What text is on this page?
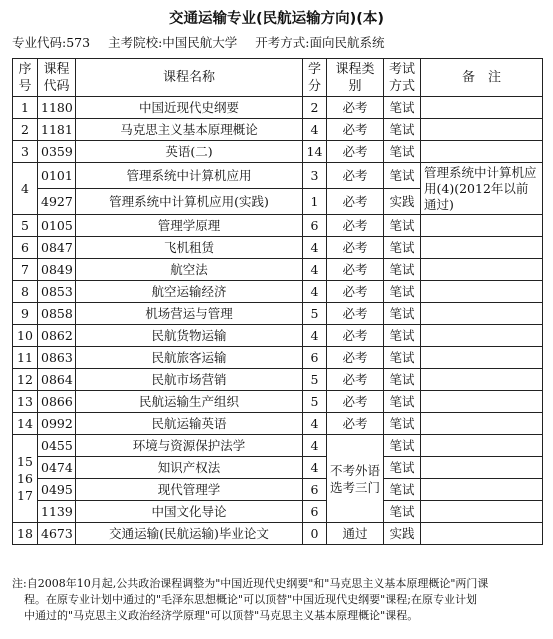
交通运输专业(民航运输方向)(本)
专业代码:573 主考院校:中国民航大学 开考方式:面向民航系统
序号	课程代码	课程名称	学分	课程类别	考试方式	备　注
1	1180	中国近现代史纲要	2	必考	笔试	
2	1181	马克思主义基本原理概论	4	必考	笔试	
3	0359	英语(二)	14	必考	笔试	
4	0101	管理系统中计算机应用	3	必考	笔试	管理系统中计算机应用(4)(2012年以前通过)
	4927	管理系统中计算机应用(实践)	1	必考	实践	
5	0105	管理学原理	6	必考	笔试	
6	0847	飞机租赁	4	必考	笔试	
7	0849	航空法	4	必考	笔试	
8	0853	航空运输经济	4	必考	笔试	
9	0858	机场营运与管理	5	必考	笔试	
10	0862	民航货物运输	4	必考	笔试	
11	0863	民航旅客运输	6	必考	笔试	
12	0864	民航市场营销	5	必考	笔试	
13	0866	民航运输生产组织	5	必考	笔试	
14	0992	民航运输英语	4	必考	笔试	
15 16 17	0455	环境与资源保护法学	4	不考外语选考三门	笔试	
	0474	知识产权法	4		笔试	
	0495	现代管理学	6		笔试	
	1139	中国文化导论	6		笔试	
18	4673	交通运输(民航运输)毕业论文	0	通过	实践	
注:自2008年10月起,公共政治课程调整为"中国近现代史纲要"和"马克思主义基本原理概论"两门课
程。在原专业计划中通过的"毛泽东思想概论"可以顶替"中国近现代史纲要"课程;在原专业计划
中通过的"马克思主义政治经济学原理"可以顶替"马克思主义基本原理概论"课程。
